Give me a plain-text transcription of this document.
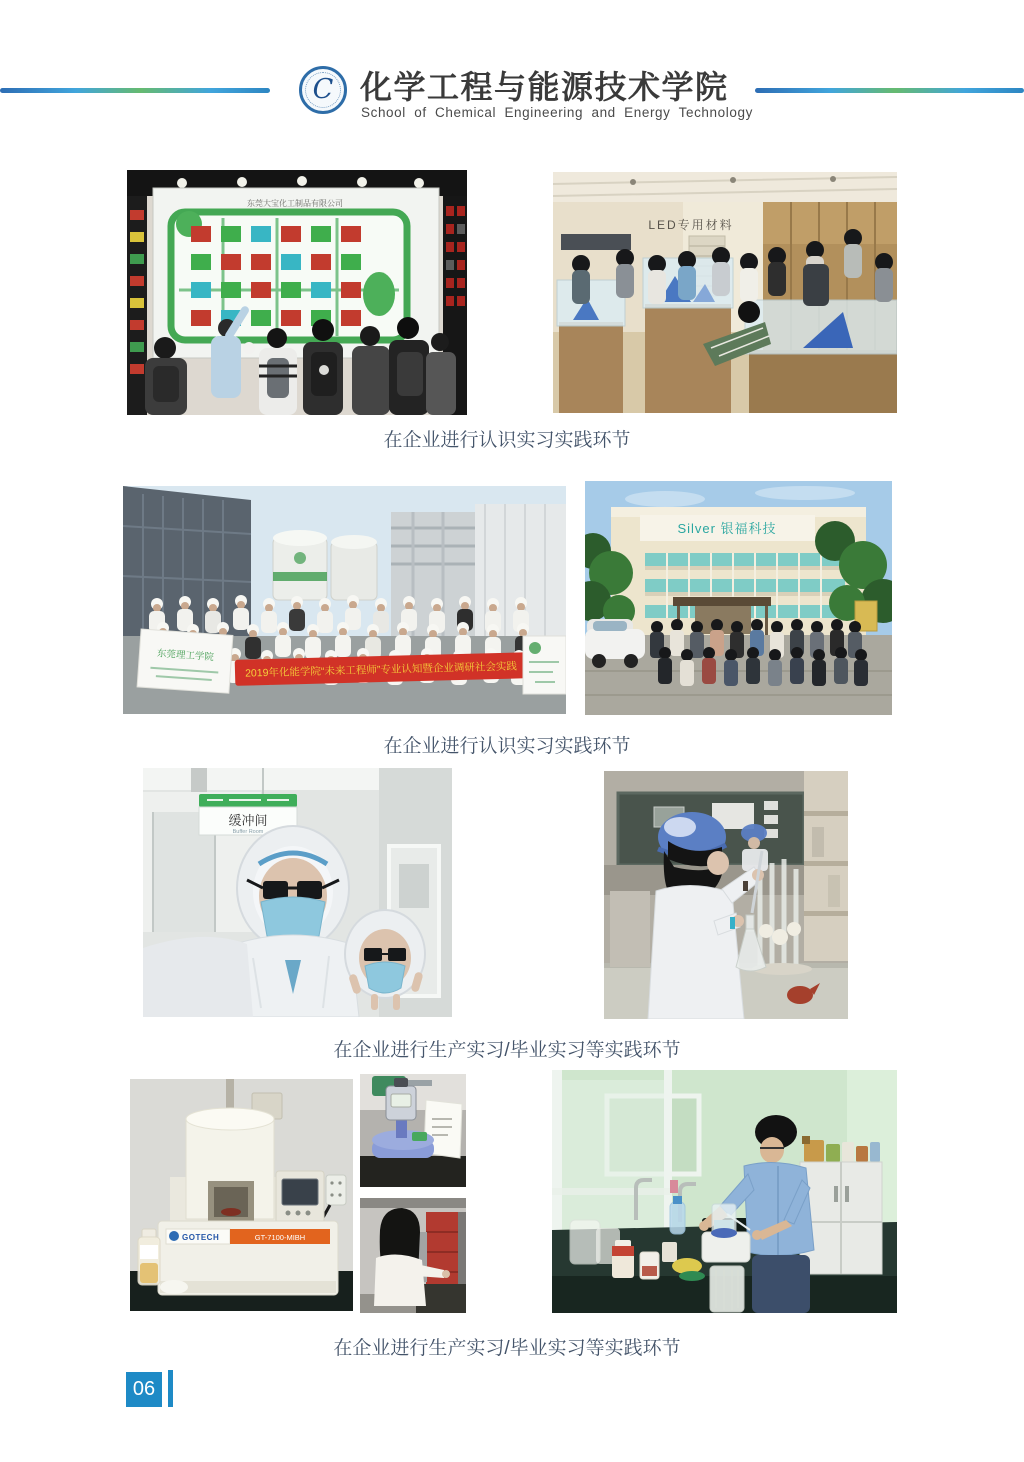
C 化学工程与能源技术学院
School of Chemical Engineering and Energy Technology
东莞大宝化工制品有限公司
LED专用材料
在企业进行认识实习实践环节
东莞理工学院
2019年化能学院“未来工程师”专业认知暨企业调研社会实践
Silver 银福科技
在企业进行认识实习实践环节
缓冲间
Buffer Room
在企业进行生产实习/毕业实习等实践环节
GOTECH	GT-7100-MIBH
在企业进行生产实习/毕业实习等实践环节
06
